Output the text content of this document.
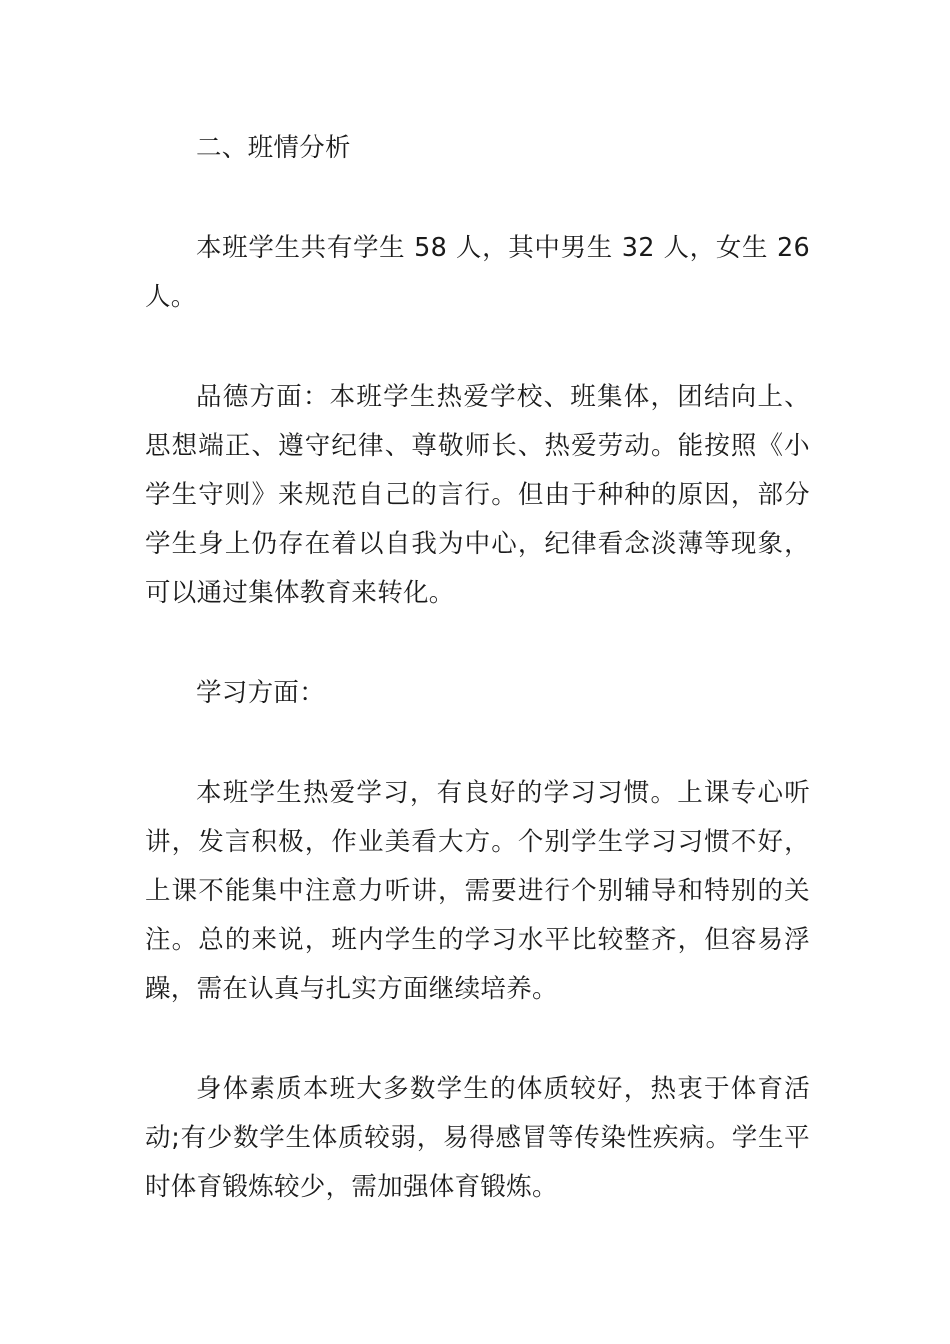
二、班情分析

本班学生共有学生 58 人，其中男生 32 人，女生 26 人。

品德方面：本班学生热爱学校、班集体，团结向上、思想端正、遵守纪律、尊敬师长、热爱劳动。能按照《小学生守则》来规范自己的言行。但由于种种的原因，部分学生身上仍存在着以自我为中心，纪律看念淡薄等现象，可以通过集体教育来转化。

学习方面：

本班学生热爱学习，有良好的学习习惯。上课专心听讲，发言积极，作业美看大方。个别学生学习习惯不好，上课不能集中注意力听讲，需要进行个别辅导和特别的关注。总的来说，班内学生的学习水平比较整齐，但容易浮躁，需在认真与扎实方面继续培养。

身体素质本班大多数学生的体质较好，热衷于体育活动;有少数学生体质较弱，易得感冒等传染性疾病。学生平时体育锻炼较少，需加强体育锻炼。
